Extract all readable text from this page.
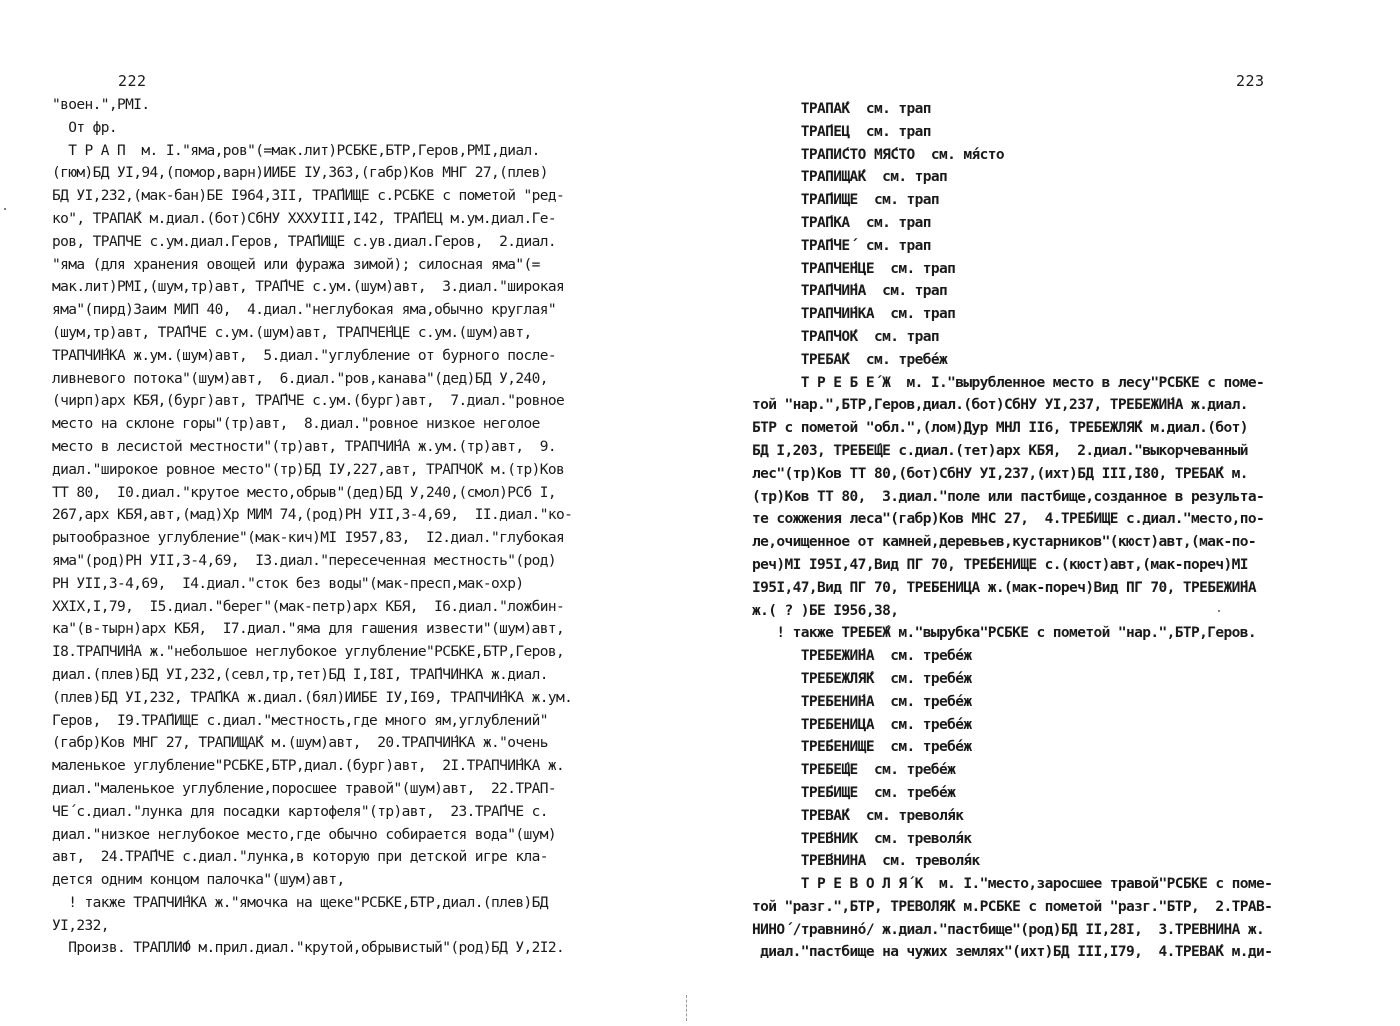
222
"воен.",РМI.
От фр.
Т Р А П  м. I."яма,ров"(=мак.лит)РСБКЕ,БТР,Геров,РМI,диал.
(гюм)БД УI,94,(помор,варн)ИИБЕ IУ,363,(габр)Ков МНГ 27,(плев)
БД УI,232,(мак-бан)БЕ I964,3II, ТРА́ПИЩЕ с.РСБКЕ с пометой "ред-
ко", ТРАПА́К м.диал.(бот)СбНУ ХХХУIII,I42, ТРА́ПЕЦ м.ум.диал.Ге-
ров, ТРАПЧЕ с.ум.диал.Геров, ТРА́ПИЩЕ с.ув.диал.Геров,  2.диал.
"яма (для хранения овощей или фуража зимой); силосная яма"(=
мак.лит)РМI,(шум,тр)авт, ТРА́ПЧЕ с.ум.(шум)авт,  3.диал."широкая
яма"(пирд)Заим МИП 40,  4.диал."неглубокая яма,обычно круглая"
(шум,тр)авт, ТРА́ПЧЕ с.ум.(шум)авт, ТРАПЧЕ́НЦЕ с.ум.(шум)авт,
ТРАПЧИ́НКА ж.ум.(шум)авт,  5.диал."углубление от бурного после-
ливневого потока"(шум)авт,  6.диал."ров,канава"(дед)БД У,240,
(чирп)арх КБЯ,(бург)авт, ТРА́ПЧЕ с.ум.(бург)авт,  7.диал."ровное
место на склоне горы"(тр)авт,  8.диал."ровное низкое неголое
место в лесистой местности"(тр)авт, ТРАПЧИ́НА ж.ум.(тр)авт,  9.
диал."широкое ровное место"(тр)БД IУ,227,авт, ТРАПЧО́К м.(тр)Ков
ТТ 80,  I0.диал."крутое место,обрыв"(дед)БД У,240,(смол)РСб I,
267,арх КБЯ,авт,(мад)Хр МИМ 74,(род)РН УII,3-4,69,  II.диал."ко-
рытообразное углубление"(мак-кич)МI I957,83,  I2.диал."глубокая
яма"(род)РН УII,3-4,69,  I3.диал."пересеченная местность"(род)
РН УII,3-4,69,  I4.диал."сток без воды"(мак-пресп,мак-охр)
ХХIХ,I,79,  I5.диал."берег"(мак-петр)арх КБЯ,  I6.диал."ложбин-
ка"(в-тырн)арх КБЯ,  I7.диал."яма для гашения извести"(шум)авт,
I8.ТРАПЧИ́НА ж."небольшое неглубокое углубление"РСБКЕ,БТР,Геров,
диал.(плев)БД УI,232,(севл,тр,тет)БД I,I8I, ТРА́ПЧИНКА ж.диал.
(плев)БД УI,232, ТРА́ПКА ж.диал.(бял)ИИБЕ IУ,I69, ТРАПЧИ́НКА ж.ум.
Геров,  I9.ТРА́ПИЩЕ с.диал."местность,где много ям,углублений"
(габр)Ков МНГ 27, ТРАПИЩА́К м.(шум)авт,  20.ТРАПЧИ́НКА ж."очень
маленькое углубление"РСБКЕ,БТР,диал.(бург)авт,  2I.ТРАПЧИ́НКА ж.
диал."маленькое углубление,поросшее травой"(шум)авт,  22.ТРАП-
ЧЕ́ с.диал."лунка для посадки картофеля"(тр)авт,  23.ТРА́ПЧЕ с.
диал."низкое неглубокое место,где обычно собирается вода"(шум)
авт,  24.ТРА́ПЧЕ с.диал."лунка,в которую при детской игре кла-
дется одним концом палочка"(шум)авт,
! также ТРАПЧИ́НКА ж."ямочка на щеке"РСБКЕ,БТР,диал.(плев)БД
УI,232,
Произв. ТРАПЛИ́Ф м.прил.диал."крутой,обрывистый"(род)БД У,2I2.
223
ТРАПА́К  см. трап
ТРА́ПЕЦ  см. трап
ТРАПИ́СТО МЯ́СТО  см. мя́сто
ТРАПИЩА́К  см. трап
ТРА́ПИЩЕ  см. трап
ТРА́ПКА  см. трап
ТРА́ПЧЕ́  см. трап
ТРАПЧЕ́НЦЕ  см. трап
ТРА́ПЧИ́НА  см. трап
ТРАПЧИ́НКА  см. трап
ТРАПЧО́К  см. трап
ТРЕБА́К  см. требе́ж
Т Р Е Б Е́ Ж  м. I."вырубленное место в лесу"РСБКЕ с поме-
той "нар.",БТР,Геров,диал.(бот)СбНУ УI,237, ТРЕБЕЖИ́НА ж.диал.
БТР с пометой "обл.",(лом)Дур МНЛ II6, ТРЕБЕЖЛЯ́К м.диал.(бот)
БД I,203, ТРЕБЕ́ЩЕ с.диал.(тет)арх КБЯ,  2.диал."выкорчеванный
лес"(тр)Ков ТТ 80,(бот)СбНУ УI,237,(ихт)БД III,I80, ТРЕБА́К м.
(тр)Ков ТТ 80,  3.диал."поле или пастбище,созданное в результа-
те сожжения леса"(габр)Ков МНС 27,  4.ТРЕ́БИЩЕ с.диал."место,по-
ле,очищенное от камней,деревьев,кустарников"(кюст)авт,(мак-по-
реч)МI I95I,47,Вид ПГ 70, ТРЕ́БЕНИЩЕ с.(кюст)авт,(мак-пореч)МI
I95I,47,Вид ПГ 70, ТРЕБЕНИЦА ж.(мак-пореч)Вид ПГ 70, ТРЕБЕЖИ́НА
ж.( ? )БЕ I956,38,
! также ТРЕБЕ́Ж м."вырубка"РСБКЕ с пометой "нар.",БТР,Геров.
ТРЕБЕЖИ́НА  см. требе́ж
ТРЕБЕЖЛЯ́К  см. требе́ж
ТРЕБЕНИ́НА  см. требе́ж
ТРЕБЕНИЦА  см. требе́ж
ТРЕ́БЕНИЩЕ  см. требе́ж
ТРЕБЕ́ЩЕ  см. требе́ж
ТРЕ́БИЩЕ  см. требе́ж
ТРЕВА́К  см. треволя́к
ТРЕ́ВНИК  см. треволя́к
ТРЕ́ВНИНА  см. треволя́к
Т Р Е В О Л Я́ К  м. I."место,заросшее травой"РСБКЕ с поме-
той "разг.",БТР, ТРЕВОЛЯ́К м.РСБКЕ с пометой "разг."БТР,  2.ТРАВ-
НИНО́ /травнино́/ ж.диал."пастбище"(род)БД II,28I,  3.ТРЕВНИНА ж.
диал."пастбище на чужих землях"(ихт)БД III,I79,  4.ТРЕВА́К м.ди-
